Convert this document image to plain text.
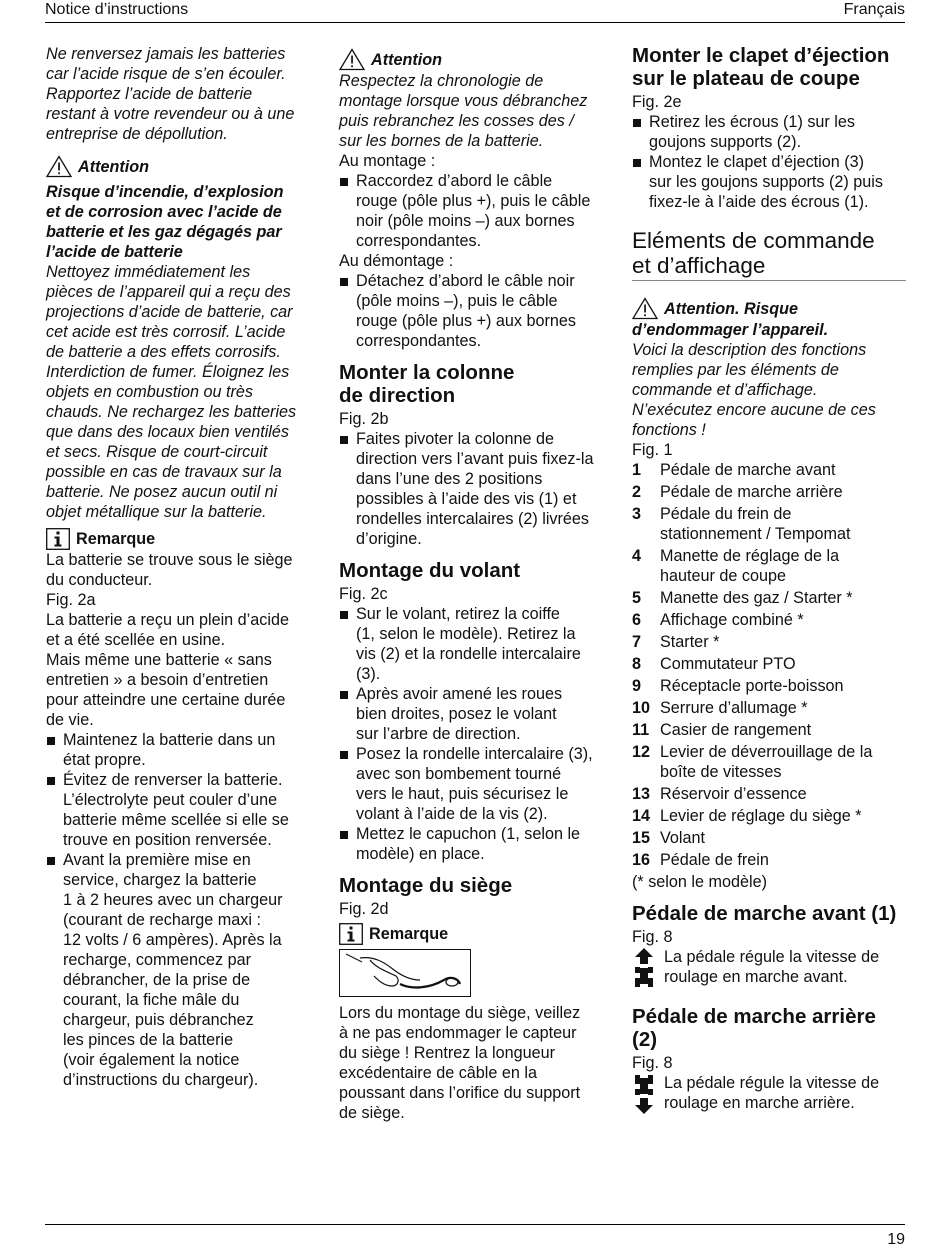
Notice d’instructions	Français

Ne renversez jamais les batteries
car l’acide risque de s’en écouler.
Rapportez l’acide de batterie
restant à votre revendeur ou à une
entreprise de dépollution.

Attention

Risque d’incendie, d’explosion
et de corrosion avec l’acide de
batterie et les gaz dégagés par
l’acide de batterie

Nettoyez immédiatement les
pièces de l’appareil qui a reçu des
projections d’acide de batterie, car
cet acide est très corrosif. L’acide
de batterie a des effets corrosifs.
Interdiction de fumer. Éloignez les
objets en combustion ou très
chauds. Ne rechargez les batteries
que dans des locaux bien ventilés
et secs. Risque de court-circuit
possible en cas de travaux sur la
batterie. Ne posez aucun outil ni
objet métallique sur la batterie.

Remarque

La batterie se trouve sous le siège
du conducteur.

Fig. 2a

La batterie a reçu un plein d’acide
et a été scellée en usine.

Mais même une batterie « sans
entretien » a besoin d’entretien
pour atteindre une certaine durée
de vie.

Maintenez la batterie dans un
état propre.
Évitez de renverser la batterie.
L’électrolyte peut couler d’une
batterie même scellée si elle se
trouve en position renversée.
Avant la première mise en
service, chargez la batterie
1 à 2 heures avec un chargeur
(courant de recharge maxi :
12 volts / 6 ampères). Après la
recharge, commencez par
débrancher, de la prise de
courant, la fiche mâle du
chargeur, puis débranchez
les pinces de la batterie
(voir également la notice
d’instructions du chargeur).
Attention

Respectez la chronologie de
montage lorsque vous débranchez
puis rebranchez les cosses des /
sur les bornes de la batterie.

Au montage :

Raccordez d’abord le câble
rouge (pôle plus +), puis le câble
noir (pôle moins –) aux bornes
correspondantes.

Au démontage :

Détachez d’abord le câble noir
(pôle moins –), puis le câble
rouge (pôle plus +) aux bornes
correspondantes.
Monter la colonne
de direction

Fig. 2b

Faites pivoter la colonne de
direction vers l’avant puis fixez-la
dans l’une des 2 positions
possibles à l’aide des vis (1) et
rondelles intercalaires (2) livrées
d’origine.
Montage du volant

Fig. 2c

Sur le volant, retirez la coiffe
(1, selon le modèle). Retirez la
vis (2) et la rondelle intercalaire
(3).
Après avoir amené les roues
bien droites, posez le volant
sur l’arbre de direction.
Posez la rondelle intercalaire (3),
avec son bombement tourné
vers le haut, puis sécurisez le
volant à l’aide de la vis (2).
Mettez le capuchon (1, selon le
modèle) en place.
Montage du siège

Fig. 2d

Remarque

Lors du montage du siège, veillez
à ne pas endommager le capteur
du siège ! Rentrez la longueur
excédentaire de câble en la
poussant dans l’orifice du support
de siège.

Monter le clapet d’éjection
sur le plateau de coupe

Fig. 2e

Retirez les écrous (1) sur les
goujons supports (2).
Montez le clapet d’éjection (3)
sur les goujons supports (2) puis
fixez-le à l’aide des écrous (1).
Eléments de commande
et d’affichage
Attention. Risque

d’endommager l’appareil.

Voici la description des fonctions
remplies par les éléments de
commande et d’affichage.
N’exécutez encore aucune de ces
fonctions !

Fig. 1

1	Pédale de marche avant
2	Pédale de marche arrière
3	Pédale du frein de
stationnement / Tempomat
4	Manette de réglage de la
hauteur de coupe
5	Manette des gaz / Starter *
6	Affichage combiné *
7	Starter *
8	Commutateur PTO
9	Réceptacle porte-boisson
10	Serrure d’allumage *
11	Casier de rangement
12	Levier de déverrouillage de la
boîte de vitesses
13	Réservoir d’essence
14	Levier de réglage du siège *
15	Volant
16	Pédale de frein

(* selon le modèle)

Pédale de marche avant (1)

Fig. 8

La pédale régule la vitesse de
roulage en marche avant.

Pédale de marche arrière (2)

Fig. 8

La pédale régule la vitesse de
roulage en marche arrière.

19
